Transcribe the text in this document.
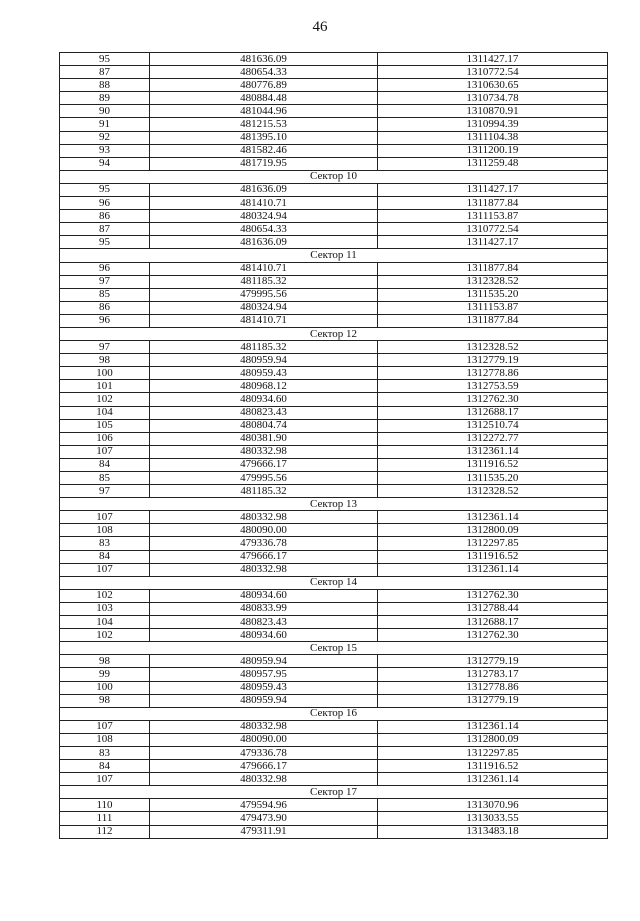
46
95	481636.09	1311427.17
87	480654.33	1310772.54
88	480776.89	1310630.65
89	480884.48	1310734.78
90	481044.96	1310870.91
91	481215.53	1310994.39
92	481395.10	1311104.38
93	481582.46	1311200.19
94	481719.95	1311259.48
Сектор 10		
95	481636.09	1311427.17
96	481410.71	1311877.84
86	480324.94	1311153.87
87	480654.33	1310772.54
95	481636.09	1311427.17
Сектор 11		
96	481410.71	1311877.84
97	481185.32	1312328.52
85	479995.56	1311535.20
86	480324.94	1311153.87
96	481410.71	1311877.84
Сектор 12		
97	481185.32	1312328.52
98	480959.94	1312779.19
100	480959.43	1312778.86
101	480968.12	1312753.59
102	480934.60	1312762.30
104	480823.43	1312688.17
105	480804.74	1312510.74
106	480381.90	1312272.77
107	480332.98	1312361.14
84	479666.17	1311916.52
85	479995.56	1311535.20
97	481185.32	1312328.52
Сектор 13		
107	480332.98	1312361.14
108	480090.00	1312800.09
83	479336.78	1312297.85
84	479666.17	1311916.52
107	480332.98	1312361.14
Сектор 14		
102	480934.60	1312762.30
103	480833.99	1312788.44
104	480823.43	1312688.17
102	480934.60	1312762.30
Сектор 15		
98	480959.94	1312779.19
99	480957.95	1312783.17
100	480959.43	1312778.86
98	480959.94	1312779.19
Сектор 16		
107	480332.98	1312361.14
108	480090.00	1312800.09
83	479336.78	1312297.85
84	479666.17	1311916.52
107	480332.98	1312361.14
Сектор 17		
110	479594.96	1313070.96
111	479473.90	1313033.55
112	479311.91	1313483.18
